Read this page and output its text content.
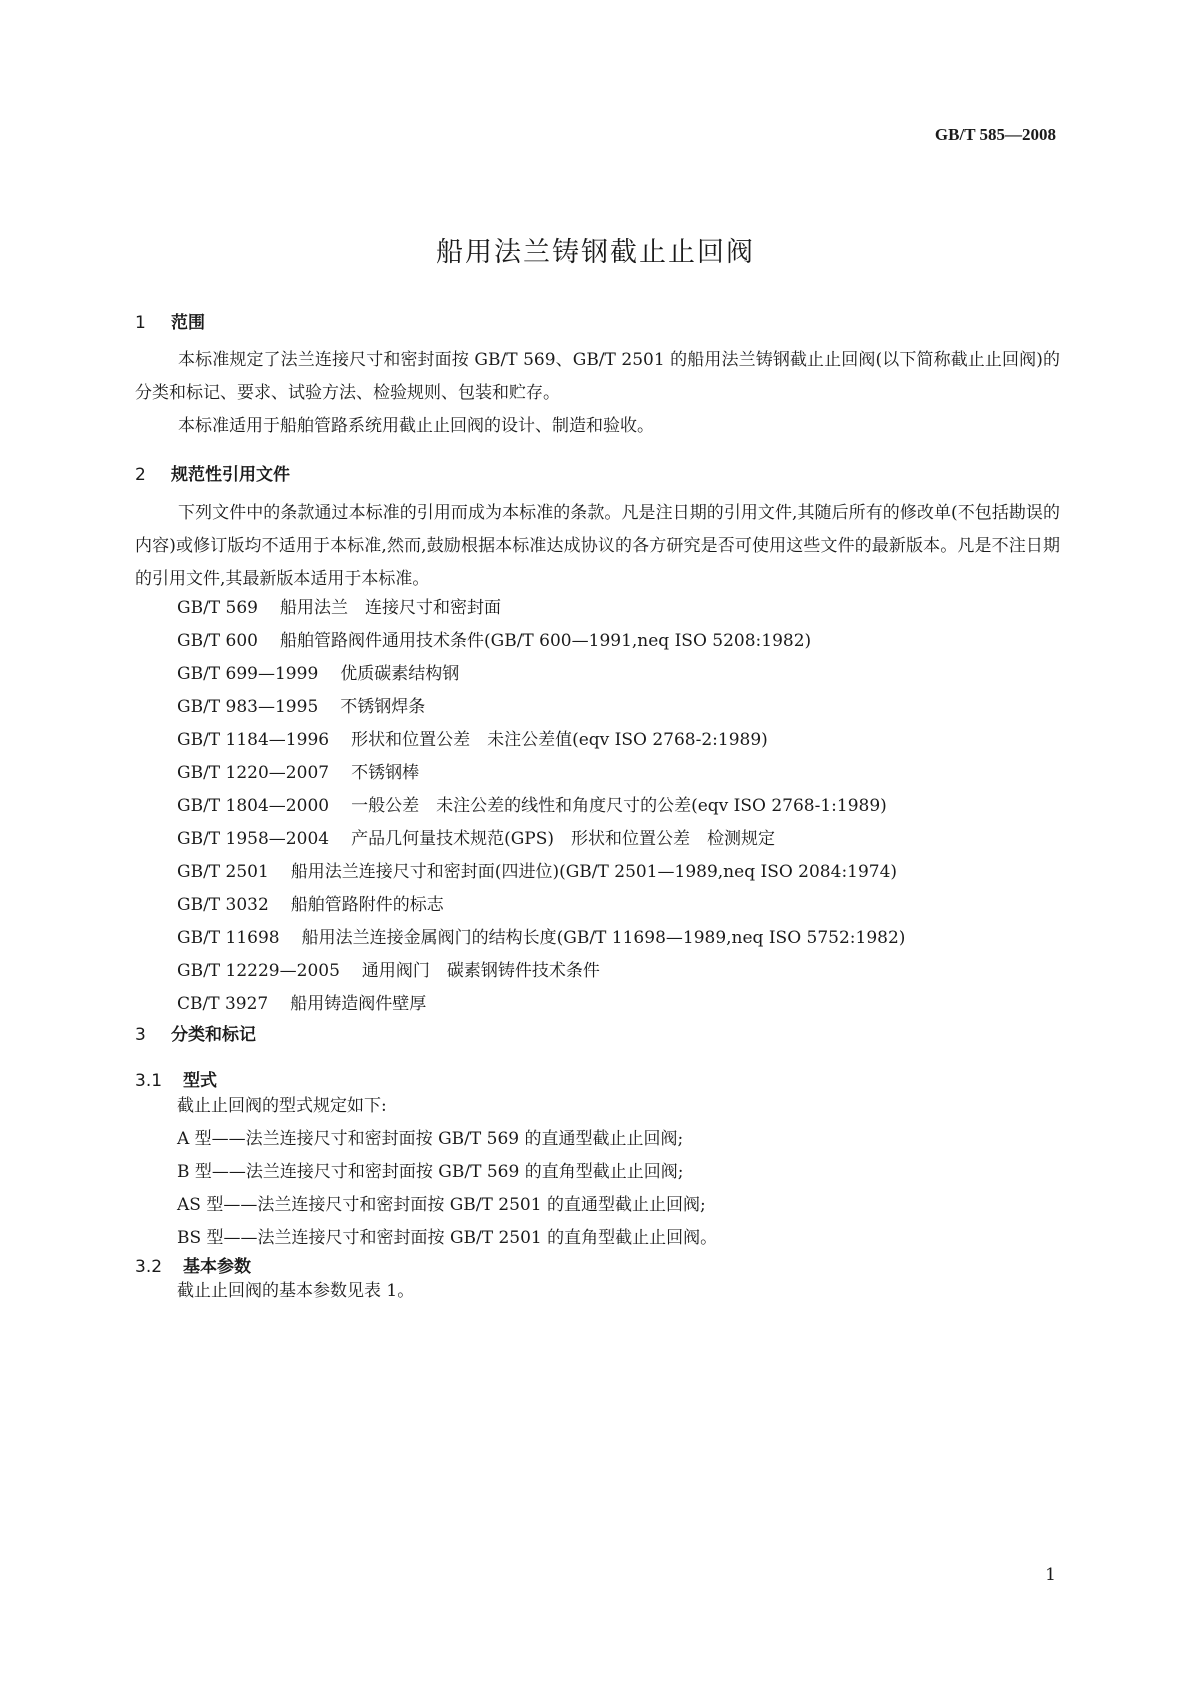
GB/T 585—2008
船用法兰铸钢截止止回阀
1 范围

本标准规定了法兰连接尺寸和密封面按 GB/T 569、GB/T 2501 的船用法兰铸钢截止止回阀(以下简称截止止回阀)的分类和标记、要求、试验方法、检验规则、包装和贮存。

本标准适用于船舶管路系统用截止止回阀的设计、制造和验收。

2 规范性引用文件

下列文件中的条款通过本标准的引用而成为本标准的条款。凡是注日期的引用文件,其随后所有的修改单(不包括勘误的内容)或修订版均不适用于本标准,然而,鼓励根据本标准达成协议的各方研究是否可使用这些文件的最新版本。凡是不注日期的引用文件,其最新版本适用于本标准。

GB/T 569 船用法兰　连接尺寸和密封面
GB/T 600 船舶管路阀件通用技术条件(GB/T 600—1991,neq ISO 5208:1982)
GB/T 699—1999 优质碳素结构钢
GB/T 983—1995 不锈钢焊条
GB/T 1184—1996 形状和位置公差　未注公差值(eqv ISO 2768-2:1989)
GB/T 1220—2007 不锈钢棒
GB/T 1804—2000 一般公差　未注公差的线性和角度尺寸的公差(eqv ISO 2768-1:1989)
GB/T 1958—2004 产品几何量技术规范(GPS)　形状和位置公差　检测规定
GB/T 2501 船用法兰连接尺寸和密封面(四进位)(GB/T 2501—1989,neq ISO 2084:1974)
GB/T 3032 船舶管路附件的标志
GB/T 11698 船用法兰连接金属阀门的结构长度(GB/T 11698—1989,neq ISO 5752:1982)
GB/T 12229—2005 通用阀门　碳素钢铸件技术条件
CB/T 3927 船用铸造阀件壁厚
3 分类和标记
3.1 型式
截止止回阀的型式规定如下:
A 型——法兰连接尺寸和密封面按 GB/T 569 的直通型截止止回阀;
B 型——法兰连接尺寸和密封面按 GB/T 569 的直角型截止止回阀;
AS 型——法兰连接尺寸和密封面按 GB/T 2501 的直通型截止止回阀;
BS 型——法兰连接尺寸和密封面按 GB/T 2501 的直角型截止止回阀。
3.2 基本参数
截止止回阀的基本参数见表 1。
1
